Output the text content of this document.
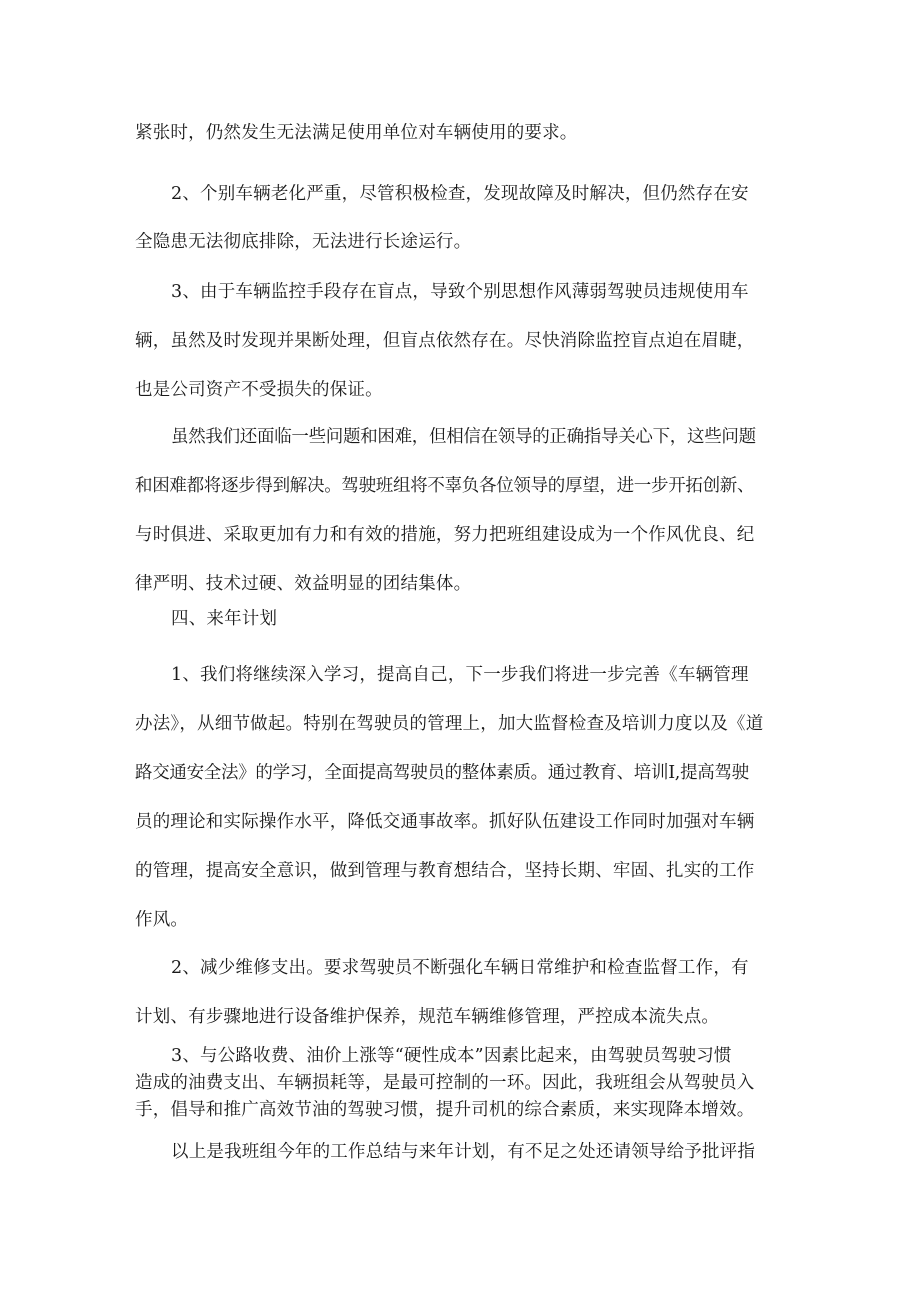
紧张时，仍然发生无法满足使用单位对车辆使用的要求。
2、个别车辆老化严重，尽管积极检查，发现故障及时解决，但仍然存在安
全隐患无法彻底排除，无法进行长途运行。
3、由于车辆监控手段存在盲点，导致个别思想作风薄弱驾驶员违规使用车
辆，虽然及时发现并果断处理，但盲点依然存在。尽快消除监控盲点迫在眉睫，
也是公司资产不受损失的保证。
虽然我们还面临一些问题和困难，但相信在领导的正确指导关心下，这些问题
和困难都将逐步得到解决。驾驶班组将不辜负各位领导的厚望，进一步开拓创新、
与时俱进、采取更加有力和有效的措施，努力把班组建设成为一个作风优良、纪
律严明、技术过硬、效益明显的团结集体。
四、来年计划
1、我们将继续深入学习，提高自己，下一步我们将进一步完善《车辆管理
办法》，从细节做起。特别在驾驶员的管理上，加大监督检查及培训力度以及《道
路交通安全法》的学习，全面提高驾驶员的整体素质。通过教育、培训I,提高驾驶
员的理论和实际操作水平，降低交通事故率。抓好队伍建设工作同时加强对车辆
的管理，提高安全意识，做到管理与教育想结合，坚持长期、牢固、扎实的工作
作风。
2、减少维修支出。要求驾驶员不断强化车辆日常维护和检查监督工作，有
计划、有步骤地进行设备维护保养，规范车辆维修管理，严控成本流失点。
3、与公路收费、油价上涨等“硬性成本”因素比起来，由驾驶员驾驶习惯
造成的油费支出、车辆损耗等，是最可控制的一环。因此，我班组会从驾驶员入
手，倡导和推广高效节油的驾驶习惯，提升司机的综合素质，来实现降本增效。
以上是我班组今年的工作总结与来年计划，有不足之处还请领导给予批评指
